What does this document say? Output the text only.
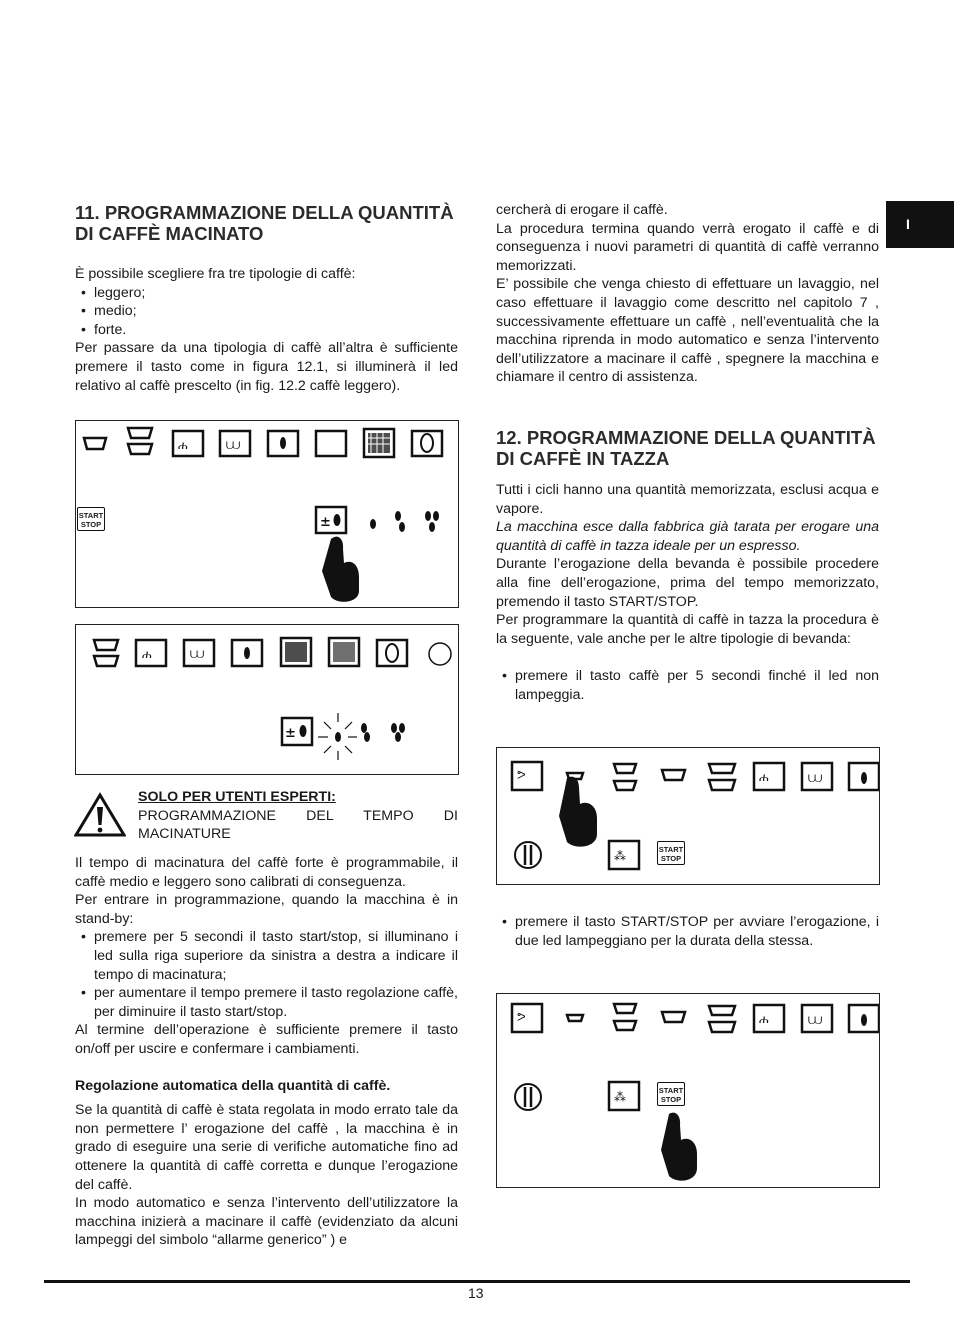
I
11. PROGRAMMAZIONE DELLA QUANTITÀ DI CAFFÈ MACINATO

È possibile scegliere fra tre tipologie di caffè:

• leggero;
• medio;
• forte.

Per passare da una tipologia di caffè all’altra è sufficiente premere il tasto come in figura 12.1, si illuminerà il led relativo al caffè prescelto (in fig. 12.2 caffè leggero).

ሐ	⩊
±
START
STOP
ሐ	⩊
±

SOLO PER UTENTI ESPERTI:

PROGRAMMAZIONE DEL TEMPO DI MACINATURE

Il tempo di macinatura del caffè forte è programmabile, il caffè medio e leggero sono calibrati di conseguenza.

Per entrare in programmazione, quando la macchina è in stand-by:

• premere per 5 secondi il tasto start/stop, si illuminano i led sulla riga superiore da sinistra a destra a indicare il tempo di macinatura;
• per aumentare il tempo premere il tasto regolazione caffè, per diminuire il tasto start/stop.

Al termine dell’operazione è sufficiente premere il tasto on/off per uscire e confermare i cambiamenti.

Regolazione automatica della quantità di caffè.

Se la quantità di caffè è stata regolata in modo errato tale da non permettere l’ erogazione del caffè , la macchina è in grado di eseguire una serie di verifiche automatiche fino ad ottenere la quantità di caffè corretta e dunque l’erogazione del caffè.

In modo automatico e senza l’intervento dell’utilizzatore la macchina inizierà a macinare il caffè (evidenziato da alcuni lampeggi del simbolo “allarme generico” ) e

cercherà di erogare il caffè.

La procedura termina quando verrà erogato il caffè e di conseguenza i nuovi parametri di quantità di caffè verranno memorizzati.

E’ possibile che venga chiesto di effettuare un lavaggio, nel caso effettuare il lavaggio come descritto nel capitolo 7 , successivamente effettuare un caffè , nell’eventualità che la macchina riprenda in modo automatico e senza l’intervento dell’utilizzatore a macinare il caffè , spegnere la macchina e chiamare il centro di assistenza.

12. PROGRAMMAZIONE DELLA QUANTITÀ DI CAFFÈ IN TAZZA

Tutti i cicli hanno una quantità memorizzata, esclusi acqua e vapore.

La macchina esce dalla fabbrica già tarata per erogare una quantità di caffè in tazza ideale per un espresso.

Durante l’erogazione della bevanda è possibile procedere alla fine dell’erogazione, prima del tempo memorizzato, premendo il tasto START/STOP.

Per programmare la quantità di caffè in tazza la procedura è la seguente, vale anche per le altre tipologie di bevanda:

• premere il tasto caffè per 5 secondi finché il led non lampeggia.
ᕗ	ሐ	⩊
⁂	START
STOP
• premere il tasto START/STOP per avviare l’erogazione, i due led lampeggiano per la durata della stessa.
ᕗ	ሐ	⩊
⁂	START
STOP
13
